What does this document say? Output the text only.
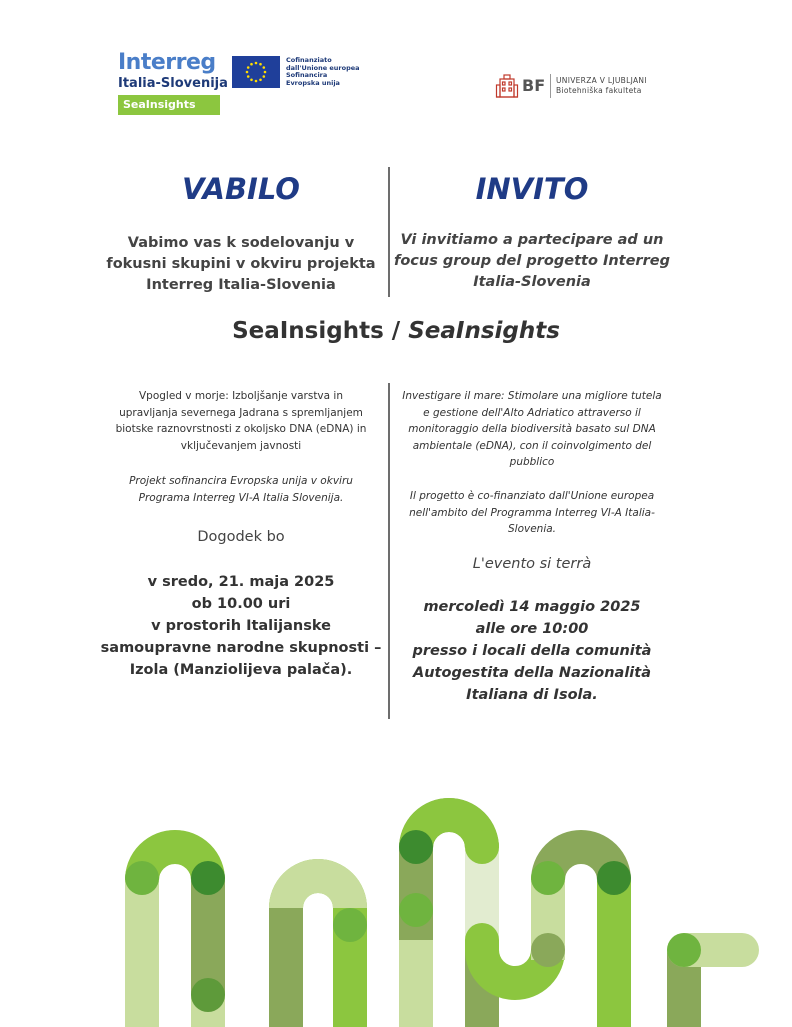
Interreg
Italia-Slovenija
SeaInsights
Cofinanziato
dall'Unione europea
Sofinancira
Evropska unija	BF UNIVERZA V LJUBLJANI
Biotehniška fakulteta
VABILO	INVITO
Vabimo vas k sodelovanju v
fokusni skupini v okviru projekta
Interreg Italia-Slovenia
Vi invitiamo a partecipare ad un
focus group del progetto Interreg
Italia-Slovenia
SeaInsights / SeaInsights
Vpogled v morje: Izboljšanje varstva in
upravljanja severnega Jadrana s spremljanjem
biotske raznovrstnosti z okoljsko DNA (eDNA) in
vključevanjem javnosti
Investigare il mare: Stimolare una migliore tutela
e gestione dell'Alto Adriatico attraverso il
monitoraggio della biodiversità basato sul DNA
ambientale (eDNA), con il coinvolgimento del
pubblico
Projekt sofinancira Evropska unija v okviru
Programa Interreg VI-A Italia Slovenija.	Il progetto è co-finanziato dall'Unione europea
nell'ambito del Programma Interreg VI-A Italia-
Slovenia.
Dogodek bo
L'evento si terrà
v sredo, 21. maja 2025
ob 10.00 uri
v prostorih Italijanske
samoupravne narodne skupnosti –
Izola (Manziolijeva palača).
mercoledì 14 maggio 2025
alle ore 10:00
presso i locali della comunità
Autogestita della Nazionalità
Italiana di Isola.
